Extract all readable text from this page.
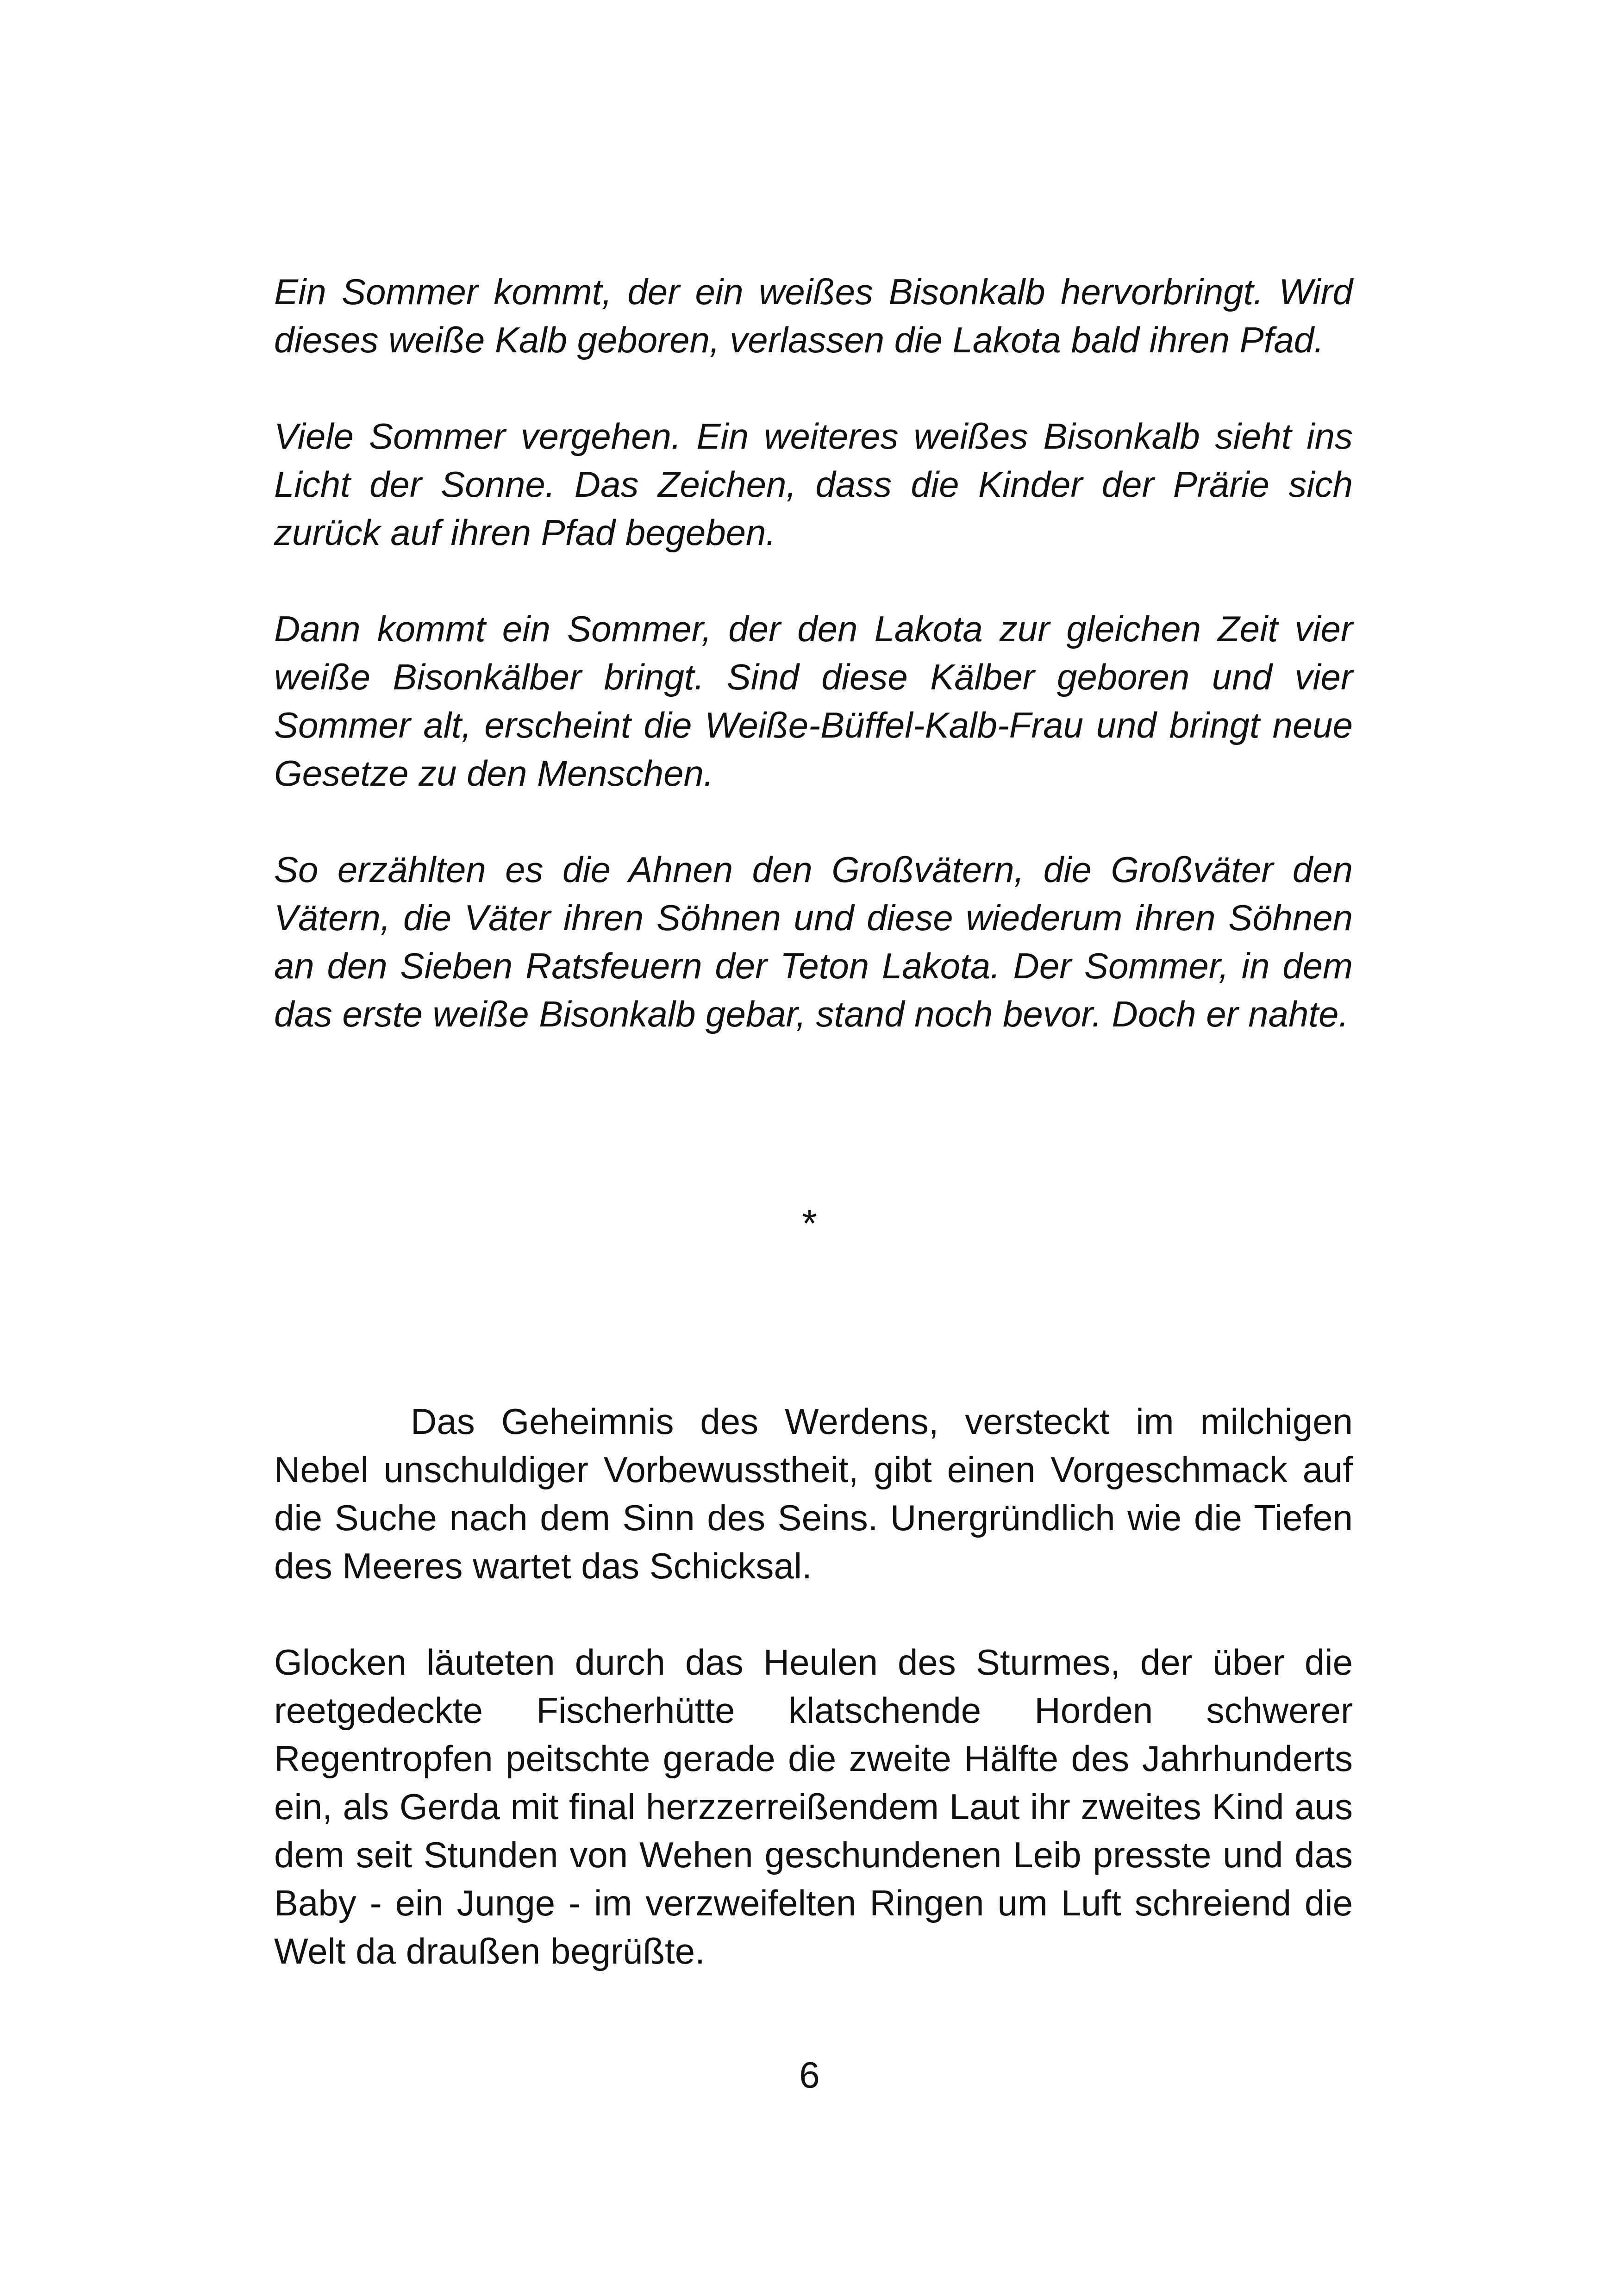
Ein Sommer kommt, der ein weißes Bisonkalb hervorbringt. Wird dieses weiße Kalb geboren, verlassen die Lakota bald ihren Pfad.

Viele Sommer vergehen. Ein weiteres weißes Bisonkalb sieht ins Licht der Sonne. Das Zeichen, dass die Kinder der Prärie sich zurück auf ihren Pfad begeben.

Dann kommt ein Sommer, der den Lakota zur gleichen Zeit vier weiße Bisonkälber bringt. Sind diese Kälber geboren und vier Sommer alt, erscheint die Weiße-Büffel-Kalb-Frau und bringt neue Gesetze zu den Menschen.

So erzählten es die Ahnen den Großvätern, die Großväter den Vätern, die Väter ihren Söhnen und diese wiederum ihren Söhnen an den Sieben Ratsfeuern der Teton Lakota. Der Sommer, in dem das erste weiße Bisonkalb gebar, stand noch bevor. Doch er nahte.

*

Das Geheimnis des Werdens, versteckt im milchigen Nebel unschuldiger Vorbewusstheit, gibt einen Vorgeschmack auf die Suche nach dem Sinn des Seins. Unergründlich wie die Tiefen des Meeres wartet das Schicksal.

Glocken läuteten durch das Heulen des Sturmes, der über die reetgedeckte Fischerhütte klatschende Horden schwerer Regentropfen peitschte gerade die zweite Hälfte des Jahrhunderts ein, als Gerda mit final herzzerreißendem Laut ihr zweites Kind aus dem seit Stunden von Wehen geschundenen Leib presste und das Baby - ein Junge - im verzweifelten Ringen um Luft schreiend die Welt da draußen begrüßte.

6
